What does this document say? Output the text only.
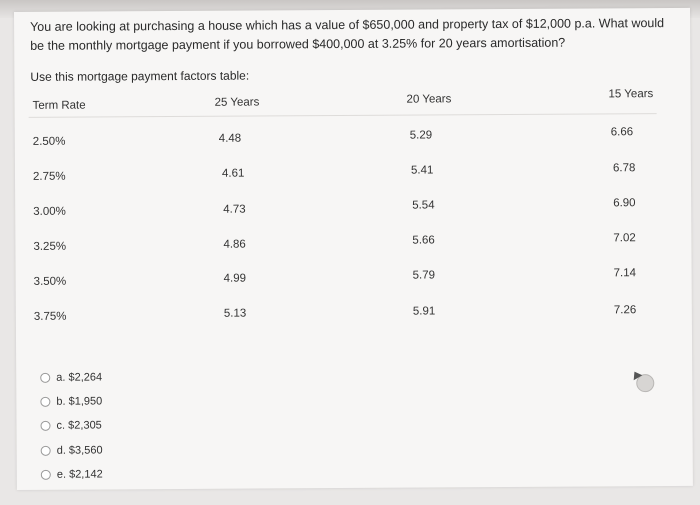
You are looking at purchasing a house which has a value of $650,000 and property tax of $12,000 p.a. What would be the monthly mortgage payment if you borrowed $400,000 at 3.25% for 20 years amortisation?
Use this mortgage payment factors table:
Term Rate	25 Years	20 Years	15 Years
2.50%	4.48	5.29	6.66
2.75%	4.61	5.41	6.78
3.00%	4.73	5.54	6.90
3.25%	4.86	5.66	7.02
3.50%	4.99	5.79	7.14
3.75%	5.13	5.91	7.26
a. $2,264
b. $1,950
c. $2,305
d. $3,560
e. $2,142
